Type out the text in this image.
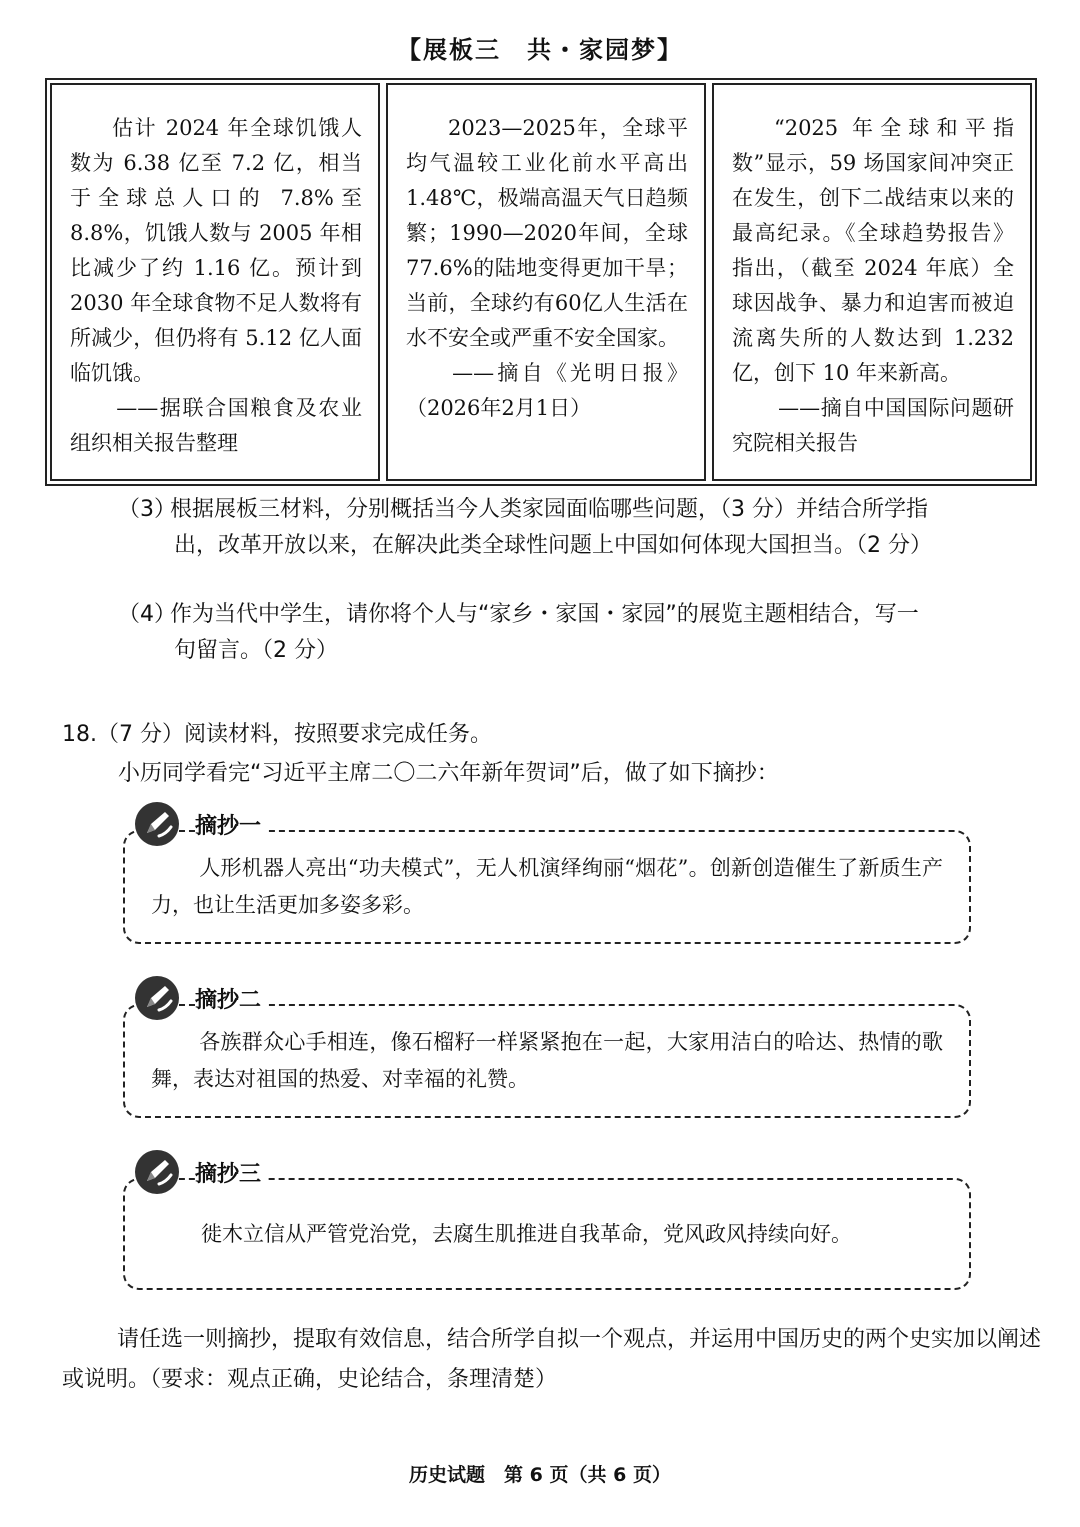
【展板三　共・家园梦】

估计 2024 年全球饥饿人数为 6.38 亿至 7.2 亿，相当于全球总人口的 7.8%至 8.8%，饥饿人数与 2005 年相比减少了约 1.16 亿。预计到 2030 年全球食物不足人数将有所减少，但仍将有 5.12 亿人面临饥饿。

——据联合国粮食及农业组织相关报告整理

2023—2025年，全球平均气温较工业化前水平高出1.48℃，极端高温天气日趋频繁；1990—2020年间，全球77.6%的陆地变得更加干旱；当前，全球约有60亿人生活在水不安全或严重不安全国家。

——摘自《光明日报》（2026年2月1日）

“2025 年全球和平指数”显示，59 场国家间冲突正在发生，创下二战结束以来的最高纪录。《全球趋势报告》指出，（截至 2024 年底）全球因战争、暴力和迫害而被迫流离失所的人数达到 1.232 亿，创下 10 年来新高。

——摘自中国国际问题研究院相关报告

（3）根据展板三材料，分别概括当今人类家园面临哪些问题，（3 分）并结合所学指
出，改革开放以来，在解决此类全球性问题上中国如何体现大国担当。（2 分）
（4）作为当代中学生，请你将个人与“家乡・家国・家园”的展览主题相结合，写一
句留言。（2 分）
18.（7 分）阅读材料，按照要求完成任务。
小历同学看完“习近平主席二〇二六年新年贺词”后，做了如下摘抄：
摘抄一
人形机器人亮出“功夫模式”，无人机演绎绚丽“烟花”。创新创造催生了新质生产力，也让生活更加多姿多彩。
摘抄二
各族群众心手相连，像石榴籽一样紧紧抱在一起，大家用洁白的哈达、热情的歌舞，表达对祖国的热爱、对幸福的礼赞。
摘抄三
徙木立信从严管党治党，去腐生肌推进自我革命，党风政风持续向好。
请任选一则摘抄，提取有效信息，结合所学自拟一个观点，并运用中国历史的两个史实加以阐述或说明。（要求：观点正确，史论结合，条理清楚）
历史试题　第 6 页（共 6 页）
